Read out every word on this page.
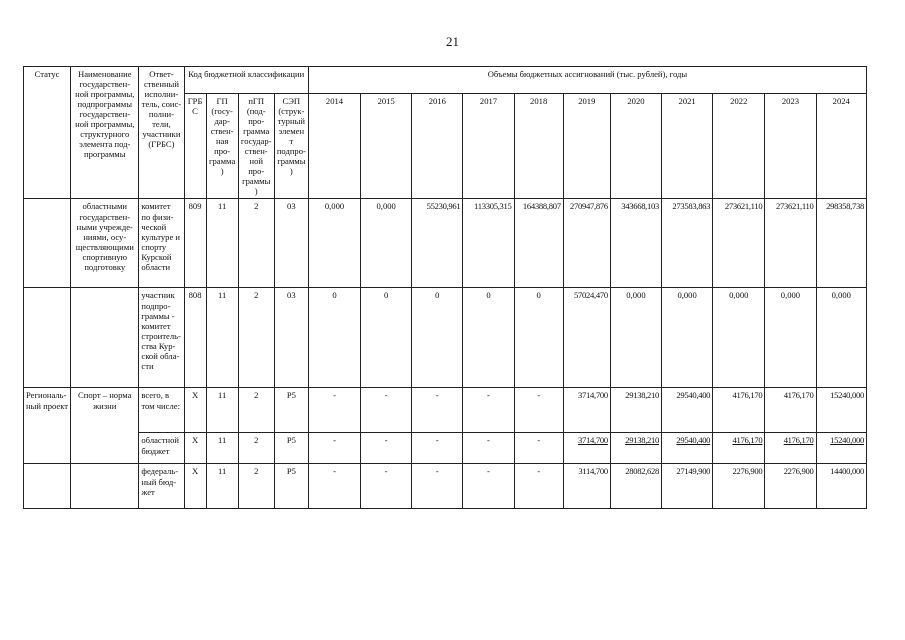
21
Статус	Наименование государствен-ной программы, подпрограммы государствен-ной программы, структурного элемента под-программы	Ответ-ственный исполни-тель, соис-полни-тели, участники (ГРБС)	Код бюджетной классификации				Объемы бюджетных ассигнований (тыс. рублей), годы										
			ГРБ С	ГП (госу-дар-ствен-ная про-грамма )	пГП (под-про-грамма государ-ствен-ной про-граммы)	СЭП (струк-турный элемент подпро-граммы)	2014	2015	2016	2017	2018	2019	2020	2021	2022	2023	2024
	областными государствен-ными учрежде-ниями, осу-ществляющими спортивную подготовку	комитет по физи-ческой культуре и спорту Курской области	809	11	2	03	0,000	0,000	55230,961	113305,315	164388,807	270947,876	343668,103	273583,863	273621,110	273621,110	298358,738
		участник подпро-граммы - комитет строитель-ства Кур-ской обла-сти	808	11	2	03	0	0	0	0	0	57024,470	0,000	0,000	0,000	0,000	0,000
Региональ-ный проект	Спорт – норма жизни	всего, в том числе:	Х	11	2	Р5	-	-	-	-	-	3714,700	29138,210	29540,400	4176,170	4176,170	15240,000
		областной бюджет	Х	11	2	Р5	-	-	-	-	-	3714,700	29138,210	29540,400	4176,170	4176,170	15240,000
		федераль-ный бюд-жет	Х	11	2	Р5	-	-	-	-	-	3114,700	28082,628	27149,900	2276,900	2276,900	14400,000
